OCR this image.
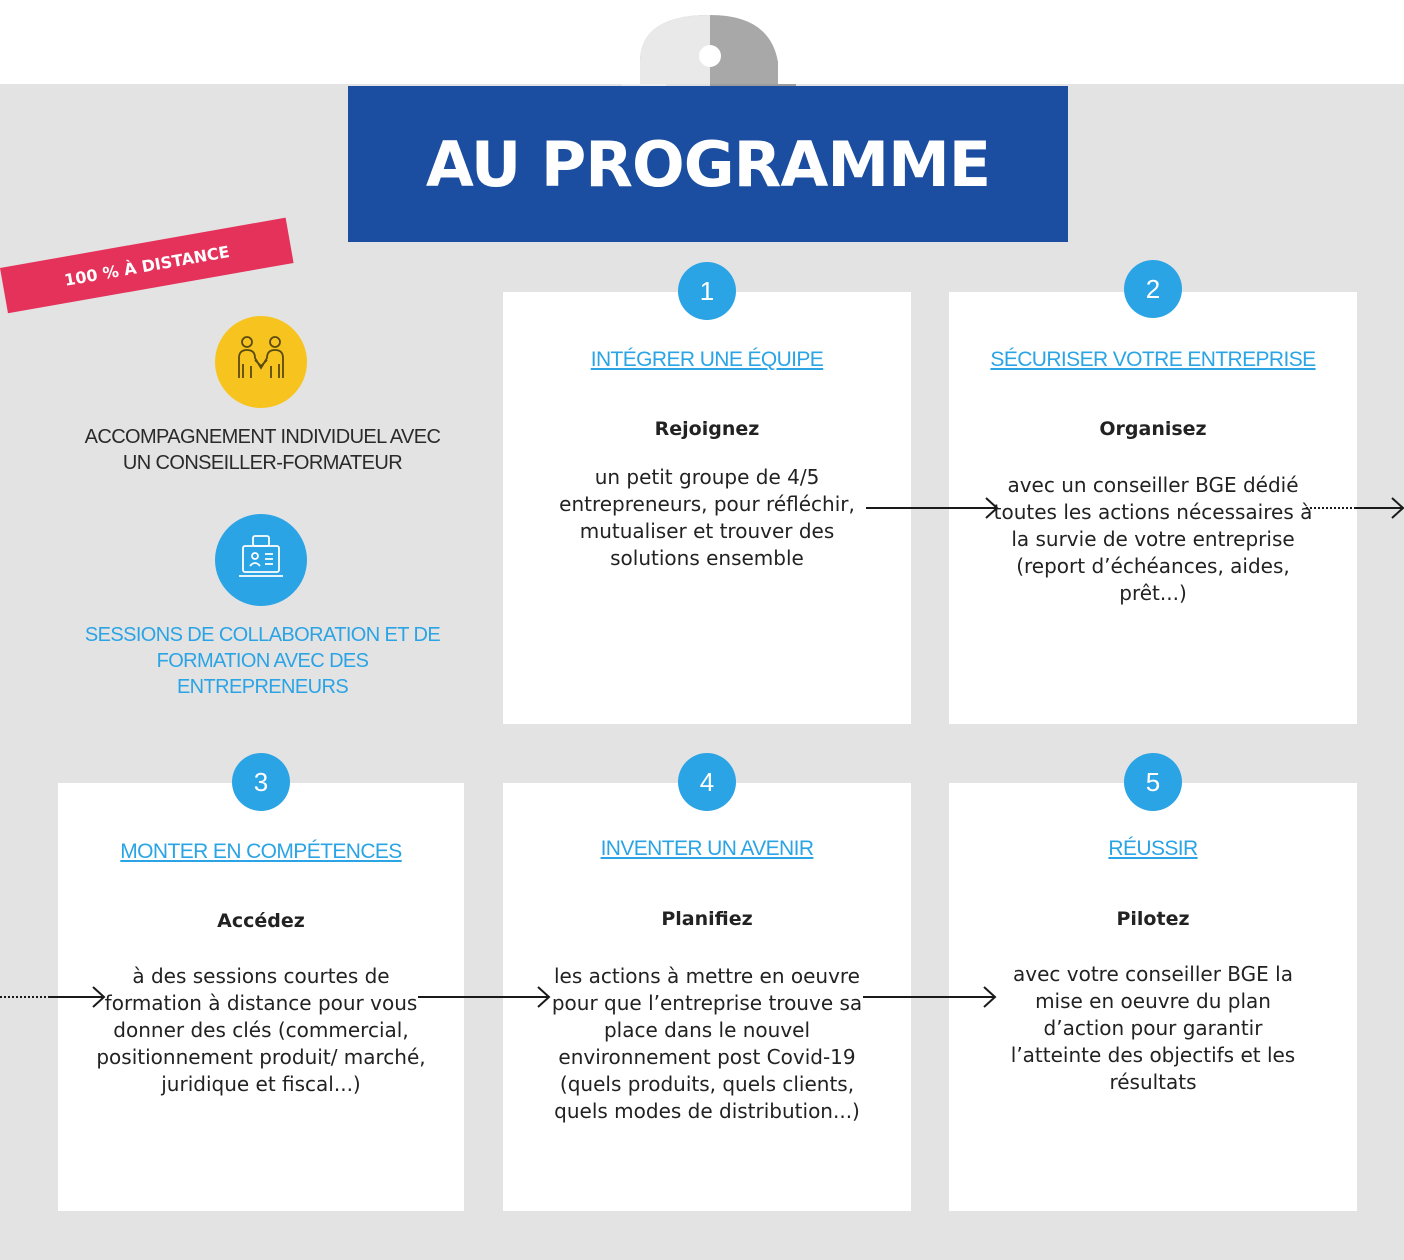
AU PROGRAMME
100 % À DISTANCE
ACCOMPAGNEMENT INDIVIDUEL AVEC UN CONSEILLER-FORMATEUR
SESSIONS DE COLLABORATION ET DE FORMATION AVEC DES ENTREPRENEURS
INTÉGRER UNE ÉQUIPE
Rejoignez
un petit groupe de 4/5 entrepreneurs, pour réfléchir, mutualiser et trouver des solutions ensemble
1
SÉCURISER VOTRE ENTREPRISE
Organisez
avec un conseiller BGE dédié toutes les actions nécessaires à la survie de votre entreprise (report d’échéances, aides, prêt...)
2
MONTER EN COMPÉTENCES
Accédez
à des sessions courtes de formation à distance pour vous donner des clés (commercial, positionnement produit/ marché, juridique et fiscal...)
3
INVENTER UN AVENIR
Planifiez
les actions à mettre en oeuvre pour que l’entreprise trouve sa place dans le nouvel environnement post Covid-19 (quels produits, quels clients, quels modes de distribution...)
4
RÉUSSIR
Pilotez
avec votre conseiller BGE la mise en oeuvre du plan d’action pour garantir l’atteinte des objectifs et les résultats
5
